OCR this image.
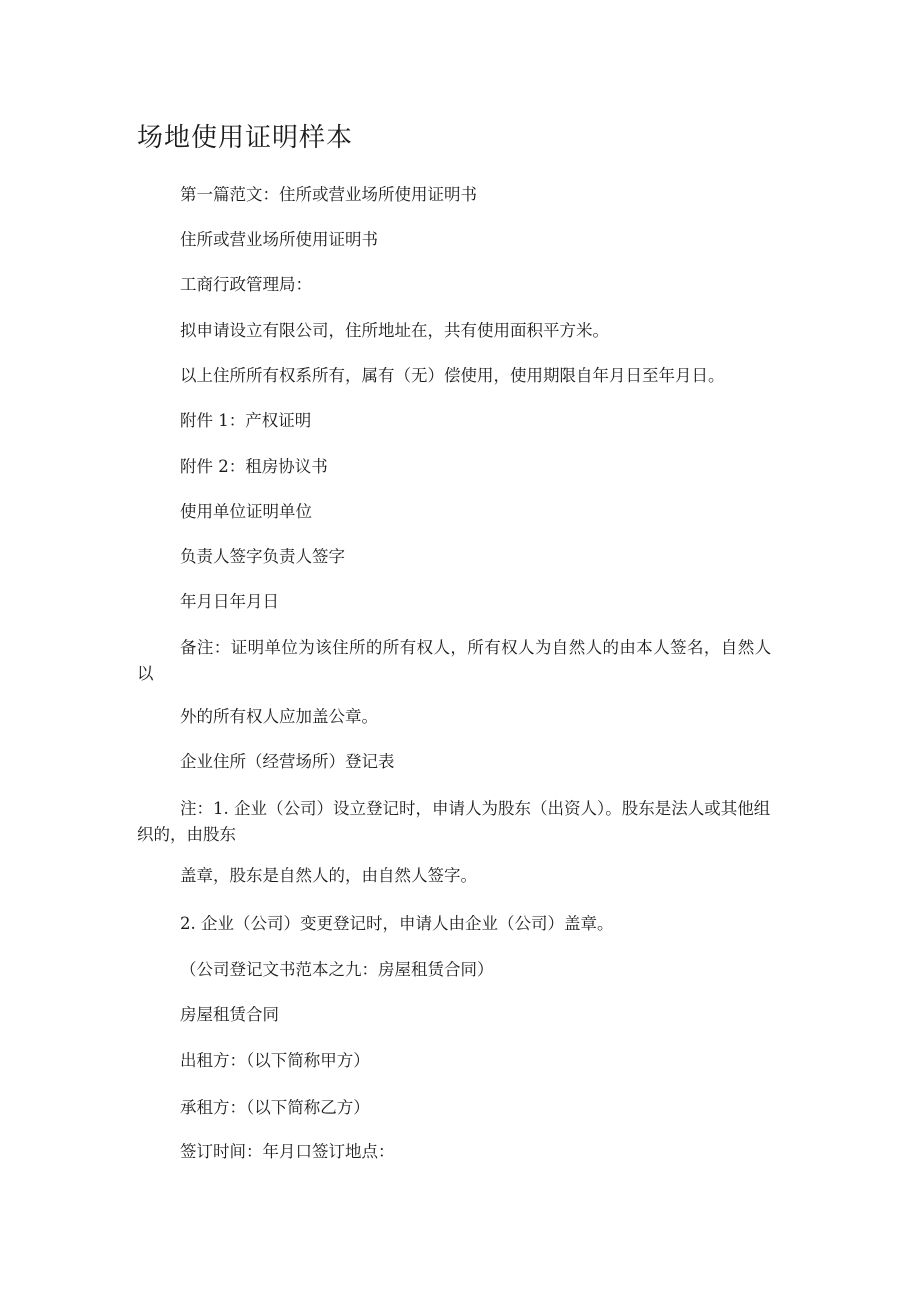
场地使用证明样本

第一篇范文：住所或营业场所使用证明书

住所或营业场所使用证明书

工商行政管理局：

拟申请设立有限公司，住所地址在，共有使用面积平方米。

以上住所所有权系所有，属有（无）偿使用，使用期限自年月日至年月日。

附件 1：产权证明

附件 2：租房协议书

使用单位证明单位

负责人签字负责人签字

年月日年月日

备注：证明单位为该住所的所有权人，所有权人为自然人的由本人签名，自然人以

外的所有权人应加盖公章。

企业住所（经营场所）登记表

注：1. 企业（公司）设立登记时，申请人为股东（出资人）。股东是法人或其他组织的，由股东

盖章，股东是自然人的，由自然人签字。

2. 企业（公司）变更登记时，申请人由企业（公司）盖章。

（公司登记文书范本之九：房屋租赁合同）

房屋租赁合同

出租方：（以下简称甲方）

承租方：（以下简称乙方）

签订时间：年月口签订地点：
